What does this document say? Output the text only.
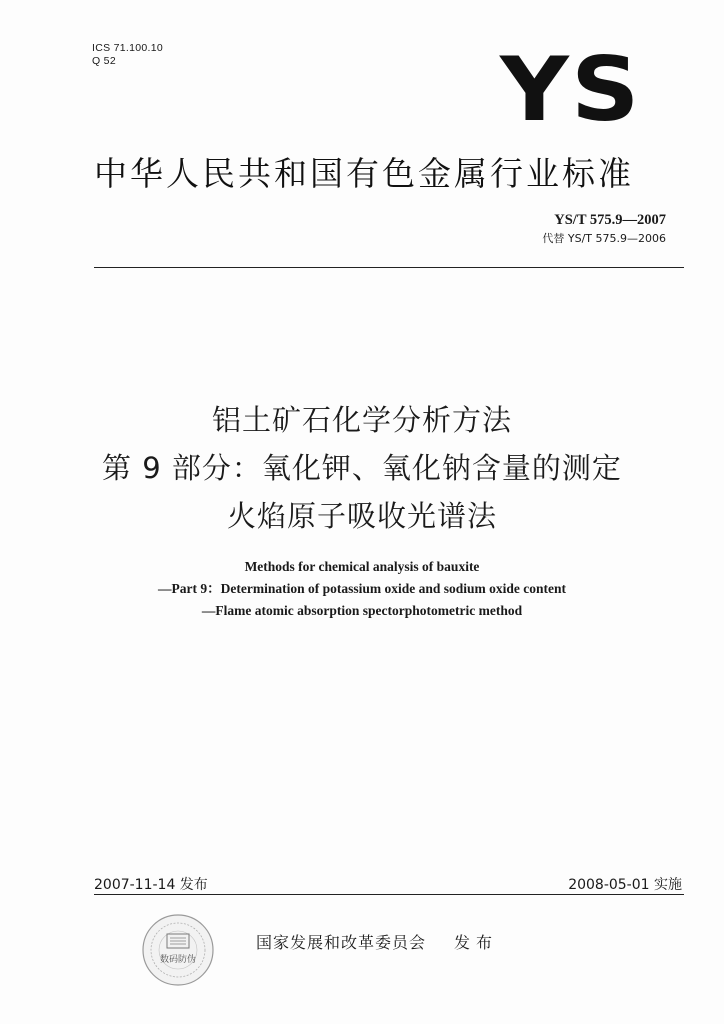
ICS 71.100.10
Q 52	YS
中华人民共和国有色金属行业标准
YS/T 575.9—2007
代替 YS/T 575.9—2006
铝土矿石化学分析方法
第 9 部分：氧化钾、氧化钠含量的测定
火焰原子吸收光谱法
Methods for chemical analysis of bauxite
—Part 9：Determination of potassium oxide and sodium oxide content
—Flame atomic absorption spectorphotometric method
2007-11-14 发布	2008-05-01 实施
数码防伪
国家发展和改革委员会 发布
